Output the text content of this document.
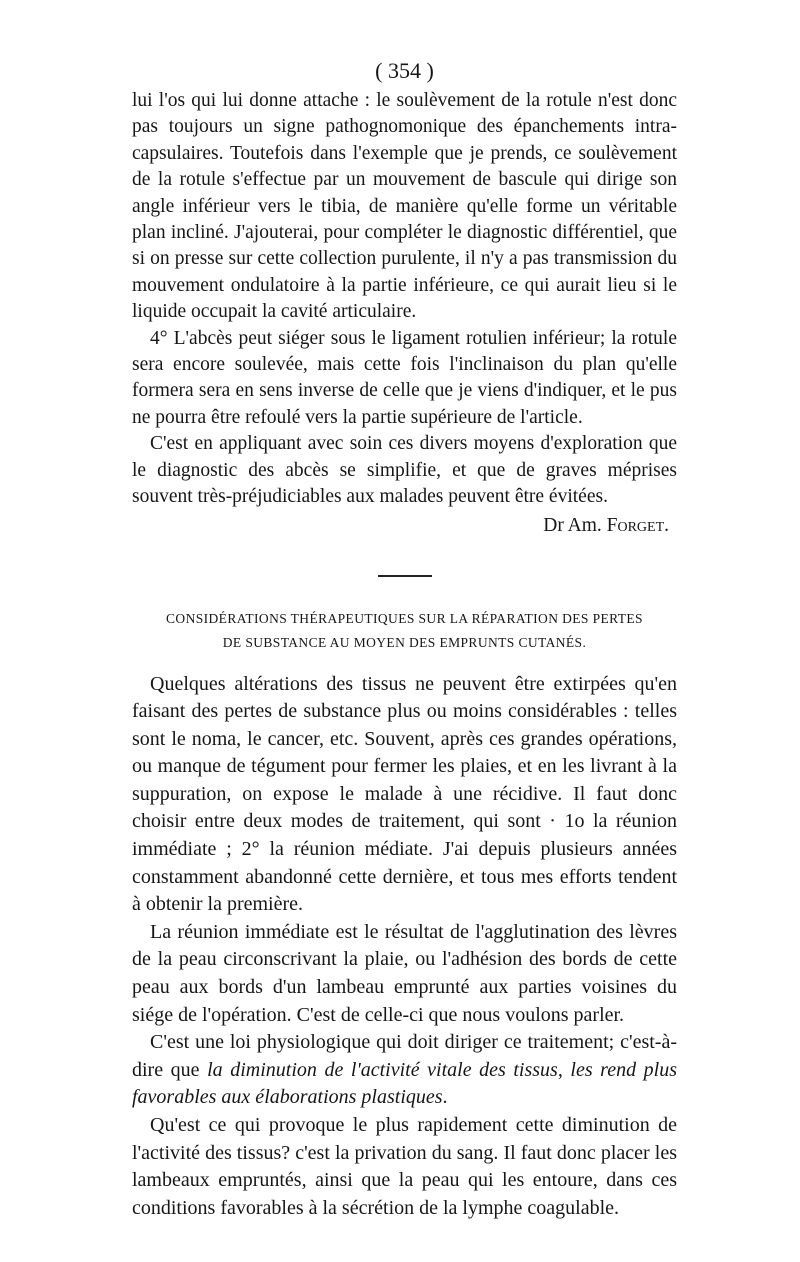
( 354 )

lui l'os qui lui donne attache : le soulèvement de la rotule n'est donc pas toujours un signe pathognomonique des épanchements intra-capsulaires. Toutefois dans l'exemple que je prends, ce soulèvement de la rotule s'effectue par un mouvement de bascule qui dirige son angle inférieur vers le tibia, de manière qu'elle forme un véritable plan incliné. J'ajouterai, pour compléter le diagnostic différentiel, que si on presse sur cette collection purulente, il n'y a pas transmission du mouvement ondulatoire à la partie inférieure, ce qui aurait lieu si le liquide occupait la cavité articulaire.

4° L'abcès peut siéger sous le ligament rotulien inférieur; la rotule sera encore soulevée, mais cette fois l'inclinaison du plan qu'elle formera sera en sens inverse de celle que je viens d'indiquer, et le pus ne pourra être refoulé vers la partie supérieure de l'article.

C'est en appliquant avec soin ces divers moyens d'exploration que le diagnostic des abcès se simplifie, et que de graves méprises souvent très-préjudiciables aux malades peuvent être évitées.

Dr Am. Forget.
CONSIDÉRATIONS THÉRAPEUTIQUES SUR LA RÉPARATION DES PERTES
DE SUBSTANCE AU MOYEN DES EMPRUNTS CUTANÉS.

Quelques altérations des tissus ne peuvent être extirpées qu'en faisant des pertes de substance plus ou moins considérables : telles sont le noma, le cancer, etc. Souvent, après ces grandes opérations, ou manque de tégument pour fermer les plaies, et en les livrant à la suppuration, on expose le malade à une récidive. Il faut donc choisir entre deux modes de traitement, qui sont · 1o la réunion immédiate ; 2° la réunion médiate. J'ai depuis plusieurs années constamment abandonné cette dernière, et tous mes efforts tendent à obtenir la première.

La réunion immédiate est le résultat de l'agglutination des lèvres de la peau circonscrivant la plaie, ou l'adhésion des bords de cette peau aux bords d'un lambeau emprunté aux parties voisines du siége de l'opération. C'est de celle-ci que nous voulons parler.

C'est une loi physiologique qui doit diriger ce traitement; c'est-à-dire que la diminution de l'activité vitale des tissus, les rend plus favorables aux élaborations plastiques.

Qu'est ce qui provoque le plus rapidement cette diminution de l'activité des tissus? c'est la privation du sang. Il faut donc placer les lambeaux empruntés, ainsi que la peau qui les entoure, dans ces conditions favorables à la sécrétion de la lymphe coagulable.
